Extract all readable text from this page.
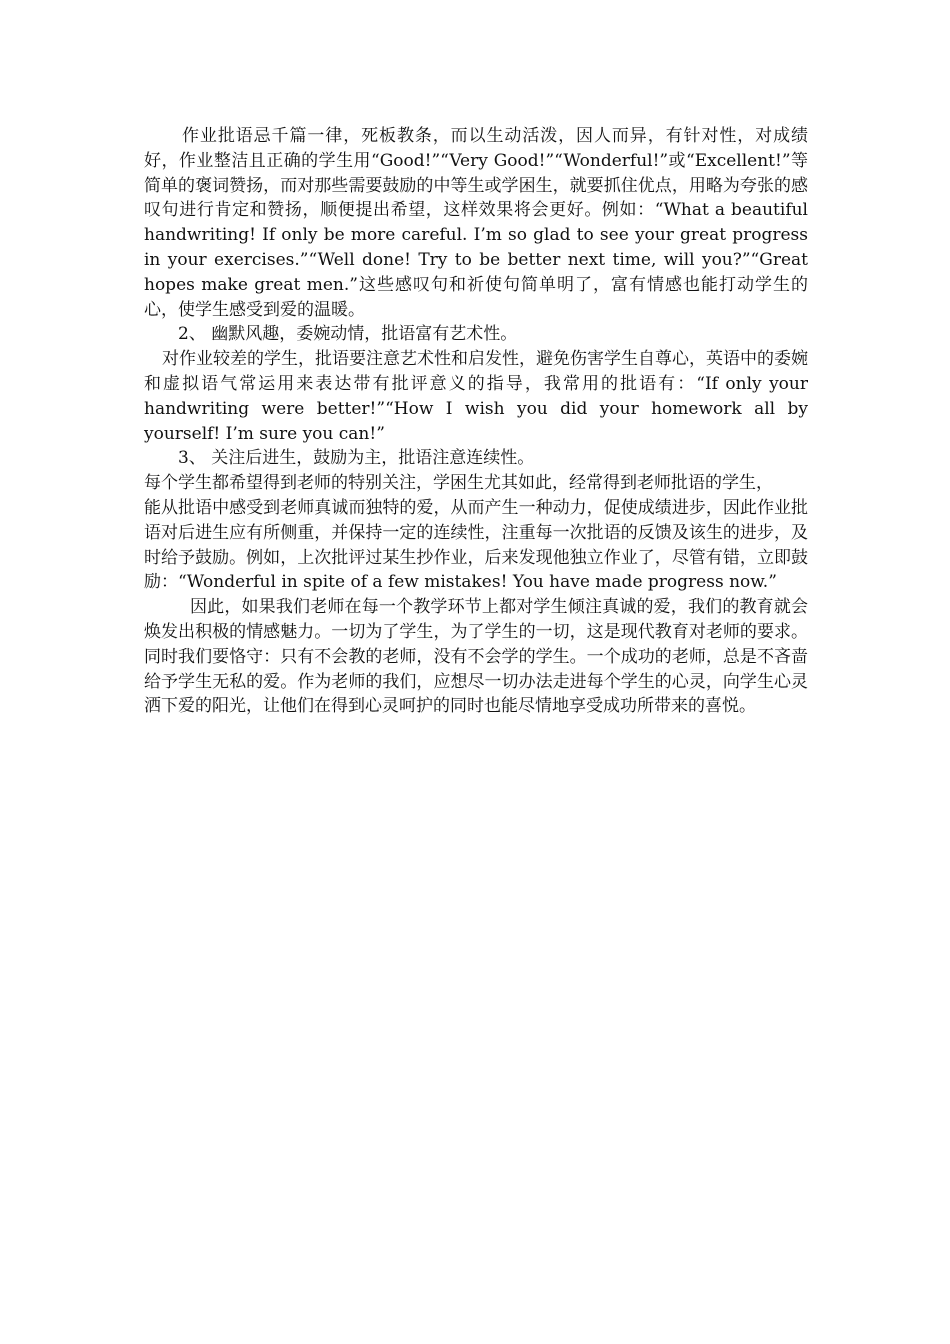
作业批语忌千篇一律，死板教条，而以生动活泼，因人而异，有针对性，对成绩好，作业整洁且正确的学生用“Good!”“Very Good!”“Wonderful!”或“Excellent!”等简单的褒词赞扬，而对那些需要鼓励的中等生或学困生，就要抓住优点，用略为夸张的感叹句进行肯定和赞扬，顺便提出希望，这样效果将会更好。例如：“What a beautiful handwriting! If only be more careful. I’m so glad to see your great progress in your exercises.”“Well done! Try to be better next time, will you?”“Great hopes make great men.”这些感叹句和祈使句简单明了，富有情感也能打动学生的心，使学生感受到爱的温暖。

2、 幽默风趣，委婉动情，批语富有艺术性。

对作业较差的学生，批语要注意艺术性和启发性，避免伤害学生自尊心，英语中的委婉和虚拟语气常运用来表达带有批评意义的指导，我常用的批语有：“If only your handwriting were better!”“How I wish you did your homework all by yourself! I’m sure you can!”

3、 关注后进生，鼓励为主，批语注意连续性。

每个学生都希望得到老师的特别关注，学困生尤其如此，经常得到老师批语的学生，

能从批语中感受到老师真诚而独特的爱，从而产生一种动力，促使成绩进步，因此作业批语对后进生应有所侧重，并保持一定的连续性，注重每一次批语的反馈及该生的进步，及时给予鼓励。例如，上次批评过某生抄作业，后来发现他独立作业了，尽管有错，立即鼓励：“Wonderful in spite of a few mistakes! You have made progress now.”

因此，如果我们老师在每一个教学环节上都对学生倾注真诚的爱，我们的教育就会焕发出积极的情感魅力。一切为了学生，为了学生的一切，这是现代教育对老师的要求。同时我们要恪守：只有不会教的老师，没有不会学的学生。一个成功的老师，总是不吝啬给予学生无私的爱。作为老师的我们，应想尽一切办法走进每个学生的心灵，向学生心灵洒下爱的阳光，让他们在得到心灵呵护的同时也能尽情地享受成功所带来的喜悦。
